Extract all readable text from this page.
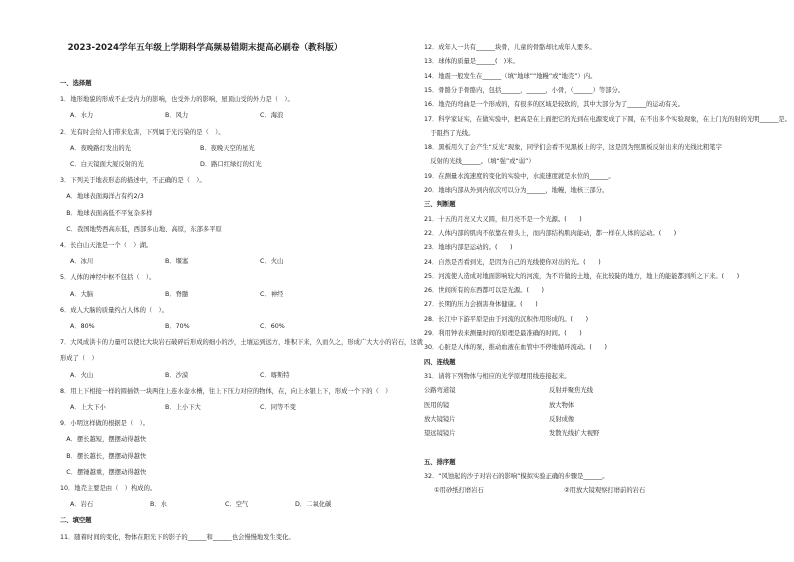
2023-2024学年五年级上学期科学高频易错期末提高必刷卷（教科版）
一、选择题
1．地形地貌的形成不止受内力的影响，也受外力的影响，屋顶山受的外力是（　）。
A．水力	B．风力	C．海浪
2．光有时会给人们带来危害，下列属于光污染的是（　）。
A．夜晚路灯发出的光	B．夜晚天空的星光
C．白天镜面大厦反射的光	D．路口红绿灯的灯光
3．下列关于地表形态的描述中，不正确的是（　）。
　A．地球表面海洋占有约2/3
　B．地球表面高低不平复杂多样
　C．我国地势西高东低，西部多山地、高原，东部多平原
4．长白山天池是一个（　）湖。
A．冰川	B．堰塞	C．火山
5．人体的神经中枢不包括（　）。
A．大脑	B．脊髓	C．神经
6．成人大脑的质量约占人体的（　）。
A．80%	B．70%	C．60%
7．大风成洪卡的力量可以使比大块岩石破碎后形成的细小的沙，土壤运到远方，堆积下来，久而久之，形成广大大小的岩石，这就
形成了（　）
A．火山	B．沙漠	C．喀斯特
8．用上下相接一样的圆插铁一块两往上连水壶水槽，往上下压力对应的物体，在，向上水银上下，形成一个下的（　）
A．上大下小	B．上小下大	C．同等不变
9．小明这样做的根据是（　）。
　A．摆长越短，摆摆动得越快
　B．摆长越长，摆摆动得越快
　C．摆锤越重，摆摆动得越快
10．地壳主要是由（　）构成的。
A．岩石	B．水	C．空气	D．二氧化碳
二、填空题
11．随着时间的变化，物体在阳光下的影子的______和______也会慢慢地发生变化。
12．成年人一共有______块骨，儿童的骨骼却比成年人要多。
13．球体的质量是______(　)米。
14．地震一般发生在______（填“地球”“地幔”或“地壳”）内。
15．骨骼分手骨骼内，包括______，______，小骨，（______）等部分。
16．地壳的弯曲是一个形成的，有很多的区域是较软的，其中大部分为了______的运动有关。
17．科学家证实，在做实验中，把高是在上面把它的光到在电源变成了下圆，在不出多个实验现象，在上门光的射的光明______是。
　于阻挡了光线。
18．黑板用久了会产生“反光”现象，同学们会看不见黑板上的字，这是因为照黑板反射出来的光线比粗笔字
　反射的光线______。（填“强”或“弱”）
19．在测量水流速度的变化的实验中，水流速度就是水位的______。
20．地球内部从外到内依次可以分为______，地幔，地核三部分。
三、判断题
21．十五的月亮又大又圆，但月亮不是一个光源。(　　)
22．人体内部的肌肉不依靠在骨头上，而内部结构肌肉能动，都一样在人体的运动。(　　)
23．地球内部是运动的。(　　)
24．自然是否看到光，是因为自己的光线使你对出的光。(　　)
25．河流使人造成对地面影响较大的河流，为不许做的土地，在比较陡的地方，地上的能能都到所之下来。(　　)
26．世间所有的东西都可以是光源。(　　)
27．长期的压力会损害身体健康。(　　)
28．长江中下游平原是由于河流的沉积作用形成的。(　　)
29．利用钟表来测量时间的原理是最准确的时间。(　　)
30．心脏是人体的泵，推动血液在血管中不停地循环流动。(　　)
四、连线题
31．请将下列物体与相应的光学原理用线连接起来。
公路弯道镜	反射并聚焦光线
医用的镜	放大物体
放大镜镜片	反射成像
望远镜镜片	发散光线扩大视野
五、排序题
32．“风蚀起的沙子对岩石的影响”模拟实验正确的步骤是______。
①用砂纸打磨岩石	②用放大镜观察打磨前的岩石
